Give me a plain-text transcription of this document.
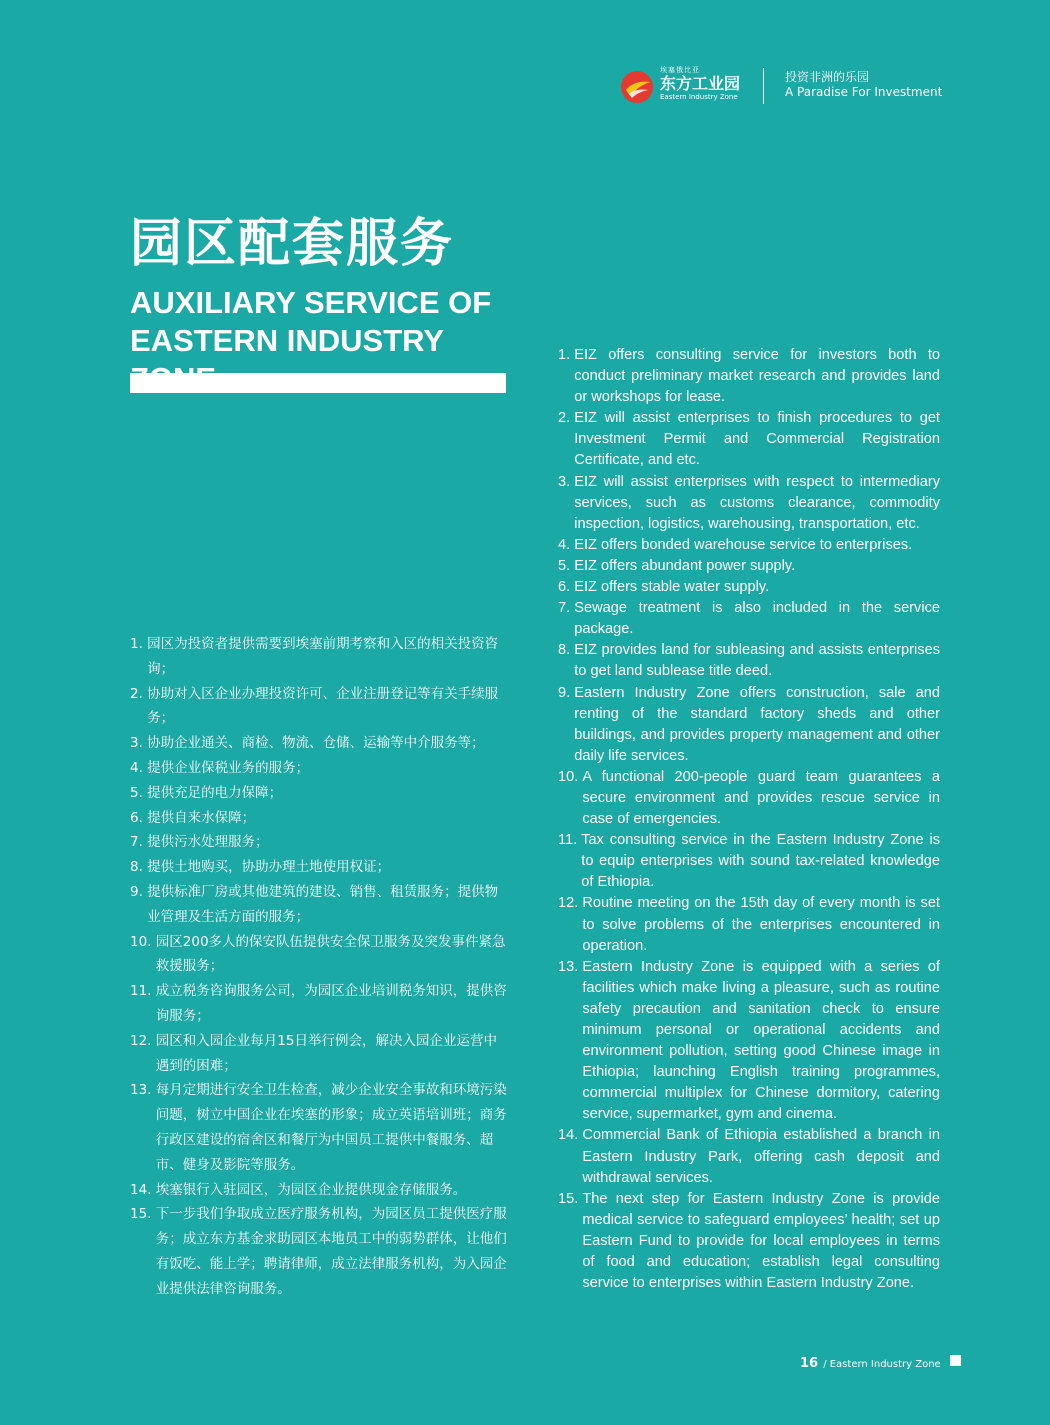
埃塞俄比亚
东方工业园
Eastern Industry Zone
投资非洲的乐园
A Paradise For Investment
园区配套服务
AUXILIARY SERVICE OF EASTERN INDUSTRY
1. 园区为投资者提供需要到埃塞前期考察和入区的相关投资咨询；
2. 协助对入区企业办理投资许可、企业注册登记等有关手续服务；
3. 协助企业通关、商检、物流、仓储、运输等中介服务等；
4. 提供企业保税业务的服务；
5. 提供充足的电力保障；
6. 提供自来水保障；
7. 提供污水处理服务；
8. 提供土地购买，协助办理土地使用权证；
9. 提供标准厂房或其他建筑的建设、销售、租赁服务；提供物业管理及生活方面的服务；
10. 园区200多人的保安队伍提供安全保卫服务及突发事件紧急救援服务；
11. 成立税务咨询服务公司，为园区企业培训税务知识，提供咨询服务；
12. 园区和入园企业每月15日举行例会，解决入园企业运营中遇到的困难；
13. 每月定期进行安全卫生检查，减少企业安全事故和环境污染问题，树立中国企业在埃塞的形象；成立英语培训班；商务行政区建设的宿舍区和餐厅为中国员工提供中餐服务、超市、健身及影院等服务。
14. 埃塞银行入驻园区，为园区企业提供现金存储服务。
15. 下一步我们争取成立医疗服务机构，为园区员工提供医疗服务；成立东方基金求助园区本地员工中的弱势群体，让他们有饭吃、能上学；聘请律师，成立法律服务机构，为入园企业提供法律咨询服务。
1. EIZ offers consulting service for investors both to conduct preliminary market research and provides land or workshops for lease.
2. EIZ will assist enterprises to finish procedures to get Investment Permit and Commercial Registration Certificate, and etc.
3. EIZ will assist enterprises with respect to intermediary services, such as customs clearance, commodity inspection, logistics, warehousing, transportation, etc.
4. EIZ offers bonded warehouse service to enterprises.
5. EIZ offers abundant power supply.
6. EIZ offers stable water supply.
7. Sewage treatment is also included in the service package.
8. EIZ provides land for subleasing and assists enterprises to get land sublease title deed.
9. Eastern Industry Zone offers construction, sale and renting of the standard factory sheds and other buildings, and provides property management and other daily life services.
10. A functional 200-people guard team guarantees a secure environment and provides rescue service in case of emergencies.
11. Tax consulting service in the Eastern Industry Zone is to equip enterprises with sound tax-related knowledge of Ethiopia.
12. Routine meeting on the 15th day of every month is set to solve problems of the enterprises encountered in operation.
13. Eastern Industry Zone is equipped with a series of facilities which make living a pleasure, such as routine safety precaution and sanitation check to ensure minimum personal or operational accidents and environment pollution, setting good Chinese image in Ethiopia; launching English training programmes, commercial multiplex for Chinese dormitory, catering service, supermarket, gym and cinema.
14. Commercial Bank of Ethiopia established a branch in Eastern Industry Park, offering cash deposit and withdrawal services.
15. The next step for Eastern Industry Zone is provide medical service to safeguard employees’ health; set up Eastern Fund to provide for local employees in terms of food and education; establish legal consulting service to enterprises within Eastern Industry Zone.
16 / Eastern Industry Zone
